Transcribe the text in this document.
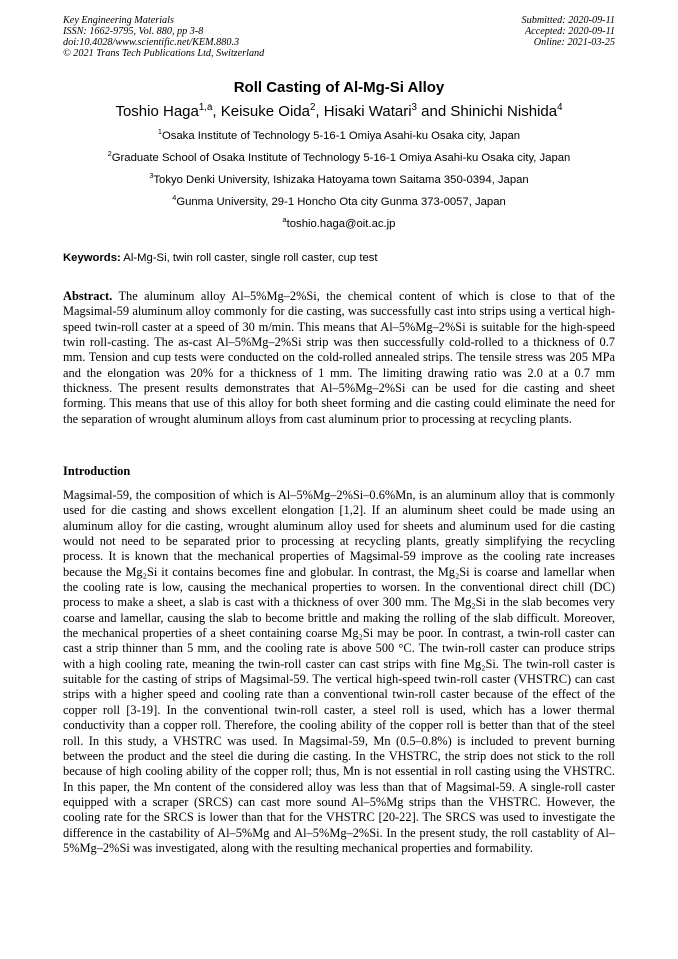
Key Engineering Materials
ISSN: 1662-9795, Vol. 880, pp 3-8
doi:10.4028/www.scientific.net/KEM.880.3
© 2021 Trans Tech Publications Ltd, Switzerland
Submitted: 2020-09-11
Accepted: 2020-09-11
Online: 2021-03-25
Roll Casting of Al-Mg-Si Alloy
Toshio Haga$^{1,a}$, Keisuke Oida$^2$, Hisaki Watari$^3$ and Shinichi Nishida$^4$
$^1$Osaka Institute of Technology 5-16-1 Omiya Asahi-ku Osaka city, Japan
$^2$Graduate School of Osaka Institute of Technology 5-16-1 Omiya Asahi-ku Osaka city, Japan
$^3$Tokyo Denki University, Ishizaka Hatoyama town Saitama 350-0394, Japan
$^4$Gunma University, 29-1 Honcho Ota city Gunma 373-0057, Japan
$^a$toshio.haga@oit.ac.jp
Keywords: Al-Mg-Si, twin roll caster, single roll caster, cup test
Abstract. The aluminum alloy Al–5%Mg–2%Si, the chemical content of which is close to that of the Magsimal-59 aluminum alloy commonly for die casting, was successfully cast into strips using a vertical high-speed twin-roll caster at a speed of 30 m/min. This means that Al–5%Mg–2%Si is suitable for the high-speed twin roll-casting. The as-cast Al–5%Mg–2%Si strip was then successfully cold-rolled to a thickness of 0.7 mm. Tension and cup tests were conducted on the cold-rolled annealed strips. The tensile stress was 205 MPa and the elongation was 20% for a thickness of 1 mm. The limiting drawing ratio was 2.0 at a 0.7 mm thickness. The present results demonstrates that Al–5%Mg–2%Si can be used for die casting and sheet forming. This means that use of this alloy for both sheet forming and die casting could eliminate the need for the separation of wrought aluminum alloys from cast aluminum prior to processing at recycling plants.
Introduction
Magsimal-59, the composition of which is Al–5%Mg–2%Si–0.6%Mn, is an aluminum alloy that is commonly used for die casting and shows excellent elongation [1,2]. If an aluminum sheet could be made using an aluminum alloy for die casting, wrought aluminum alloy used for sheets and aluminum used for die casting would not need to be separated prior to processing at recycling plants, greatly simplifying the recycling process. It is known that the mechanical properties of Magsimal-59 improve as the cooling rate increases because the Mg₂Si it contains becomes fine and globular. In contrast, the Mg₂Si is coarse and lamellar when the cooling rate is low, causing the mechanical properties to worsen. In the conventional direct chill (DC) process to make a sheet, a slab is cast with a thickness of over 300 mm. The Mg₂Si in the slab becomes very coarse and lamellar, causing the slab to become brittle and making the rolling of the slab difficult. Moreover, the mechanical properties of a sheet containing coarse Mg₂Si may be poor. In contrast, a twin-roll caster can cast a strip thinner than 5 mm, and the cooling rate is above 500 °C. The twin-roll caster can produce strips with a high cooling rate, meaning the twin-roll caster can cast strips with fine Mg₂Si. The twin-roll caster is suitable for the casting of strips of Magsimal-59. The vertical high-speed twin-roll caster (VHSTRC) can cast strips with a higher speed and cooling rate than a conventional twin-roll caster because of the effect of the copper roll [3-19]. In the conventional twin-roll caster, a steel roll is used, which has a lower thermal conductivity than a copper roll. Therefore, the cooling ability of the copper roll is better than that of the steel roll. In this study, a VHSTRC was used. In Magsimal-59, Mn (0.5–0.8%) is included to prevent burning between the product and the steel die during die casting. In the VHSTRC, the strip does not stick to the roll because of high cooling ability of the copper roll; thus, Mn is not essential in roll casting using the VHSTRC. In this paper, the Mn content of the considered alloy was less than that of Magsimal-59. A single-roll caster equipped with a scraper (SRCS) can cast more sound Al–5%Mg strips than the VHSTRC. However, the cooling rate for the SRCS is lower than that for the VHSTRC [20-22]. The SRCS was used to investigate the difference in the castability of Al–5%Mg and Al–5%Mg–2%Si. In the present study, the roll castablity of Al–5%Mg–2%Si was investigated, along with the resulting mechanical properties and formability.
